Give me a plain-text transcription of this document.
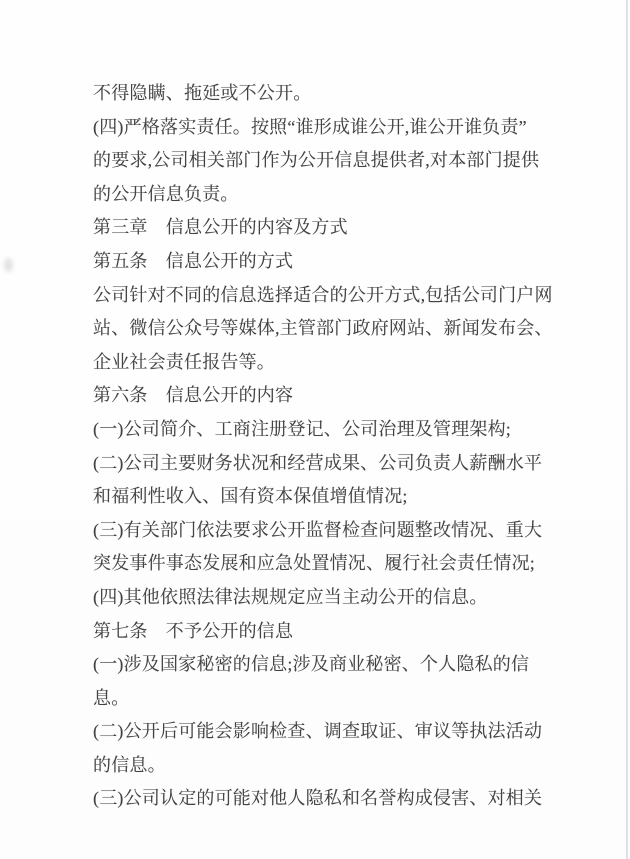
不得隐瞒、拖延或不公开。
(四)严格落实责任。按照“谁形成谁公开,谁公开谁负责”
的要求,公司相关部门作为公开信息提供者,对本部门提供
的公开信息负责。
第三章　信息公开的内容及方式
第五条　信息公开的方式
公司针对不同的信息选择适合的公开方式,包括公司门户网
站、微信公众号等媒体,主管部门政府网站、新闻发布会、
企业社会责任报告等。
第六条　信息公开的内容
(一)公司简介、工商注册登记、公司治理及管理架构;
(二)公司主要财务状况和经营成果、公司负责人薪酬水平
和福利性收入、国有资本保值增值情况;
(三)有关部门依法要求公开监督检查问题整改情况、重大
突发事件事态发展和应急处置情况、履行社会责任情况;
(四)其他依照法律法规规定应当主动公开的信息。
第七条　不予公开的信息
(一)涉及国家秘密的信息;涉及商业秘密、个人隐私的信
息。
(二)公开后可能会影响检查、调查取证、审议等执法活动
的信息。
(三)公司认定的可能对他人隐私和名誉构成侵害、对相关
